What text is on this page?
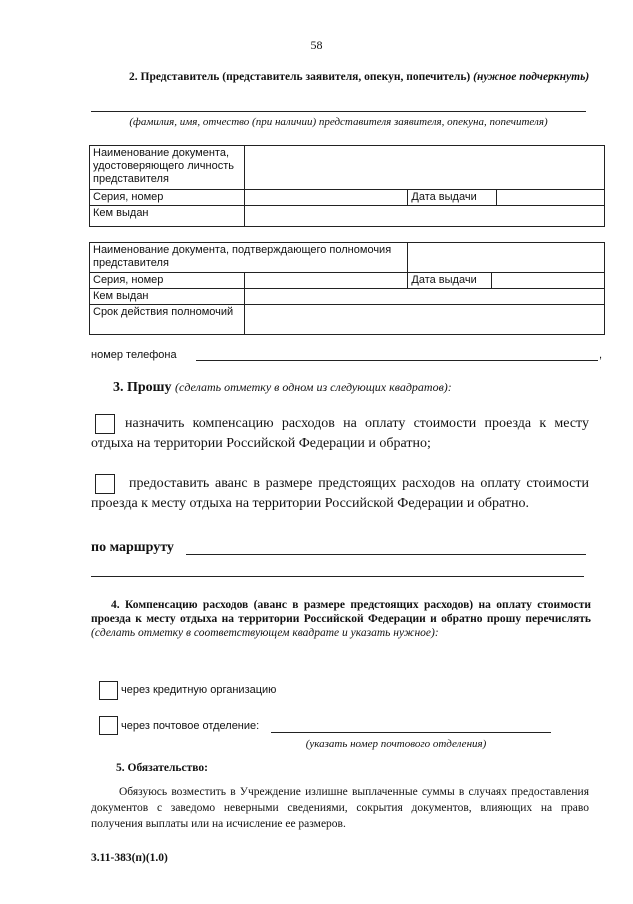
58
2. Представитель (представитель заявителя, опекун, попечитель) (нужное подчеркнуть)
(фамилия, имя, отчество (при наличии) представителя заявителя, опекуна, попечителя)
Наименование документа, удостоверяющего личность представителя			
Серия, номер		Дата выдачи	
Кем выдан			
Наименование документа, подтверждающего полномочия представителя			
Серия, номер		Дата выдачи	
Кем выдан			
Срок действия полномочий			
номер телефона	,
3. Прошу (сделать отметку в одном из следующих квадратов):
назначить компенсацию расходов на оплату стоимости проезда к месту отдыха на территории Российской Федерации и обратно;
предоставить аванс в размере предстоящих расходов на оплату стоимости проезда к месту отдыха на территории Российской Федерации и обратно.
по маршруту
4. Компенсацию расходов (аванс в размере предстоящих расходов) на оплату стоимости проезда к месту отдыха на территории Российской Федерации и обратно прошу перечислять (сделать отметку в соответствующем квадрате и указать нужное):
через кредитную организацию
через почтовое отделение:
(указать номер почтового отделения)
5. Обязательство:
Обязуюсь возместить в Учреждение излишне выплаченные суммы в случаях предоставления документов с заведомо неверными сведениями, сокрытия документов, влияющих на право получения выплаты или на исчисление ее размеров.
3.11-383(п)(1.0)
